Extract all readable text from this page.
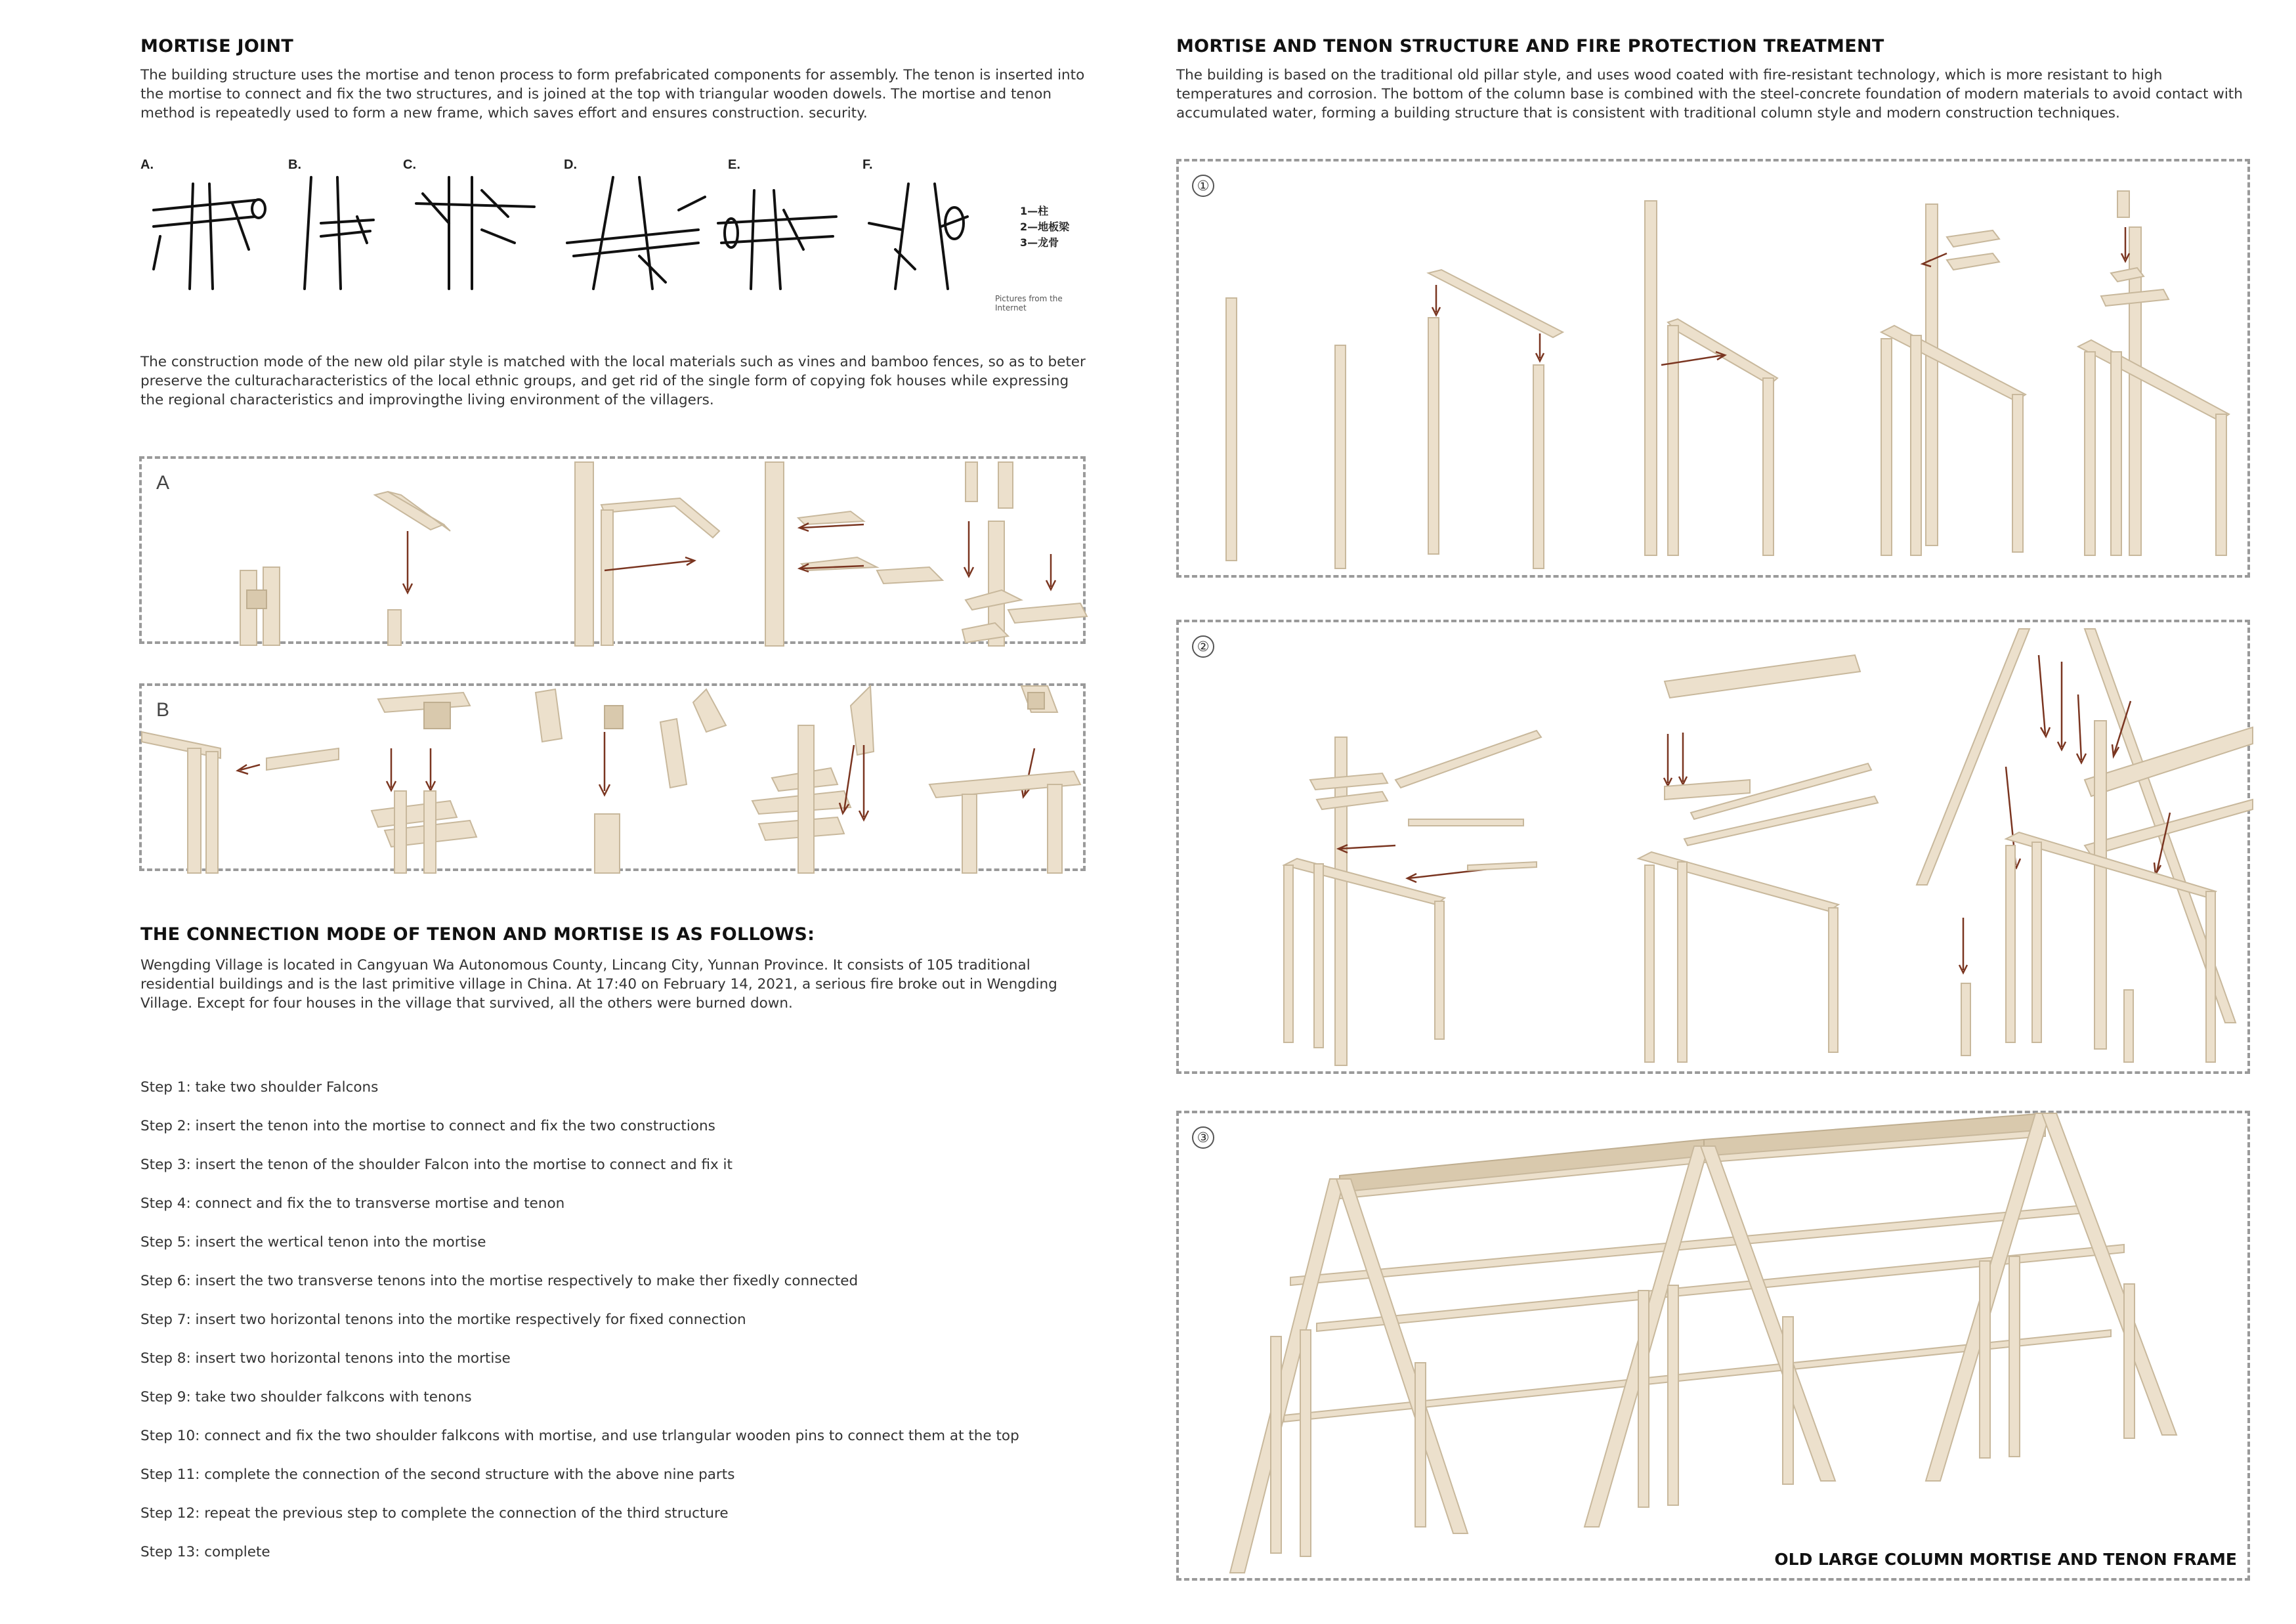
MORTISE JOINT
The building structure uses the mortise and tenon process to form prefabricated components for assembly. The tenon is inserted into the mortise to connect and fix the two structures, and is joined at the top with triangular wooden dowels. The mortise and tenon method is repeatedly used to form a new frame, which saves effort and ensures construction. security.
A.	B.	C.	D.	E.	F.
1—柱
2—地板梁
3—龙骨
Pictures from the Internet
The construction mode of the new old pilar style is matched with the local materials such as vines and bamboo fences, so as to beter preserve the culturacharacteristics of the local ethnic groups, and get rid of the single form of copying fok houses while expressing the regional characteristics and improvingthe living environment of the villagers.
A
B
THE CONNECTION MODE OF TENON AND MORTISE IS AS FOLLOWS:
Wengding Village is located in Cangyuan Wa Autonomous County, Lincang City, Yunnan Province. It consists of 105 traditional residential buildings and is the last primitive village in China. At 17:40 on February 14, 2021, a serious fire broke out in Wengding Village. Except for four houses in the village that survived, all the others were burned down.
Step 1: take two shoulder Falcons
Step 2: insert the tenon into the mortise to connect and fix the two constructions
Step 3: insert the tenon of the shoulder Falcon into the mortise to connect and fix it
Step 4: connect and fix the to transverse mortise and tenon
Step 5: insert the wertical tenon into the mortise
Step 6: insert the two transverse tenons into the mortise respectively to make ther fixedly connected
Step 7: insert two horizontal tenons into the mortike respectively for fixed connection
Step 8: insert two horizontal tenons into the mortise
Step 9: take two shoulder falkcons with tenons
Step 10: connect and fix the two shoulder falkcons with mortise, and use trlangular wooden pins to connect them at the top
Step 11: complete the connection of the second structure with the above nine parts
Step 12: repeat the previous step to complete the connection of the third structure
Step 13: complete
MORTISE AND TENON STRUCTURE AND FIRE PROTECTION TREATMENT
The building is based on the traditional old pillar style, and uses wood coated with fire-resistant technology, which is more resistant to high temperatures and corrosion. The bottom of the column base is combined with the steel-concrete foundation of modern materials to avoid contact with accumulated water, forming a building structure that is consistent with traditional column style and modern construction techniques.
①
②
③
OLD LARGE COLUMN MORTISE AND TENON FRAME
